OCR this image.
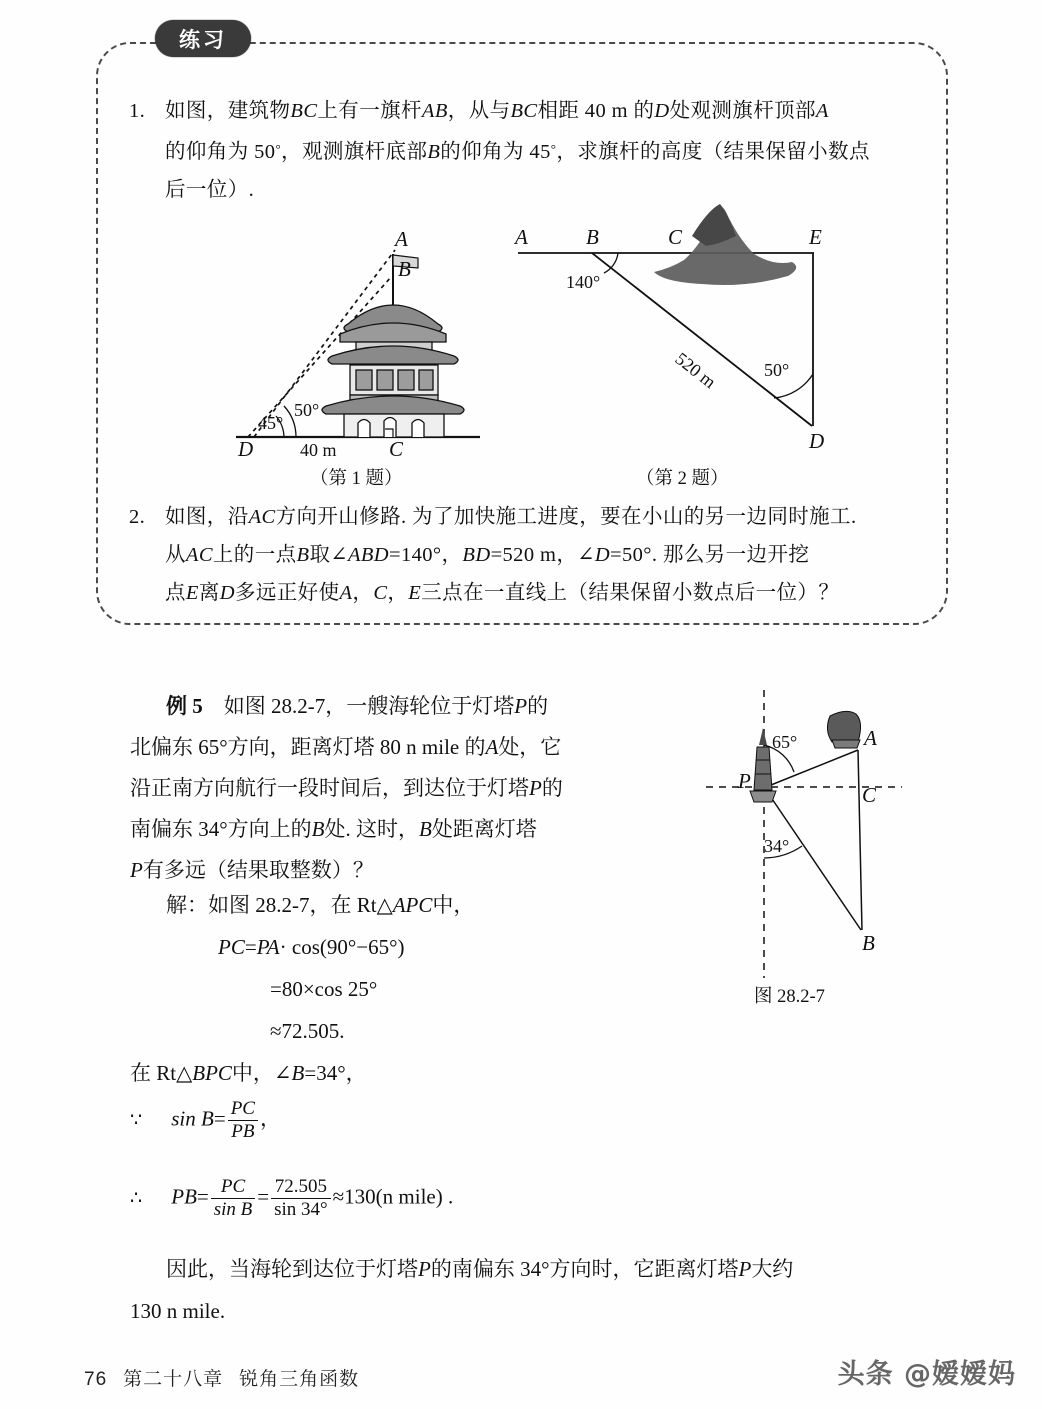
练习
1. 如图，建筑物BC上有一旗杆AB，从与BC相距 40 m 的D处观测旗杆顶部A
的仰角为 50°，观测旗杆底部B的仰角为 45°，求旗杆的高度（结果保留小数点
后一位）.
A
B
C
D
45°
50°
40 m
（第 1 题）
A	B	C	E
D
140°
50°
520 m
（第 2 题）
2. 如图，沿AC方向开山修路. 为了加快施工进度，要在小山的另一边同时施工.
从AC上的一点B取∠ABD=140°，BD=520 m，∠D=50°. 那么另一边开挖
点E离D多远正好使A，C，E三点在一直线上（结果保留小数点后一位）？
例 5 如图 28.2-7，一艘海轮位于灯塔P的
北偏东 65°方向，距离灯塔 80 n mile 的A处，它
沿正南方向航行一段时间后，到达位于灯塔P的
南偏东 34°方向上的B处. 这时，B处距离灯塔
P有多远（结果取整数）？
解：如图 28.2-7，在 Rt△APC中，
PC=PA· cos(90°−65°)
=80×cos 25°
≈72.505.
在 Rt△BPC中，∠B=34°，
∵ $\sin B= \frac{PC}{PB}$ ，
∴ $PB= \frac{PC}{\text{sin B}} = \frac{72.505}{\sin 34^\circ} \approx 130(n$ mile) .
因此，当海轮到达位于灯塔P的南偏东 34°方向时，它距离灯塔P大约
130 n mile.
P
A
C
B
65°
34°
图 28.2-7
76 第二十八章 锐角三角函数	头条 @嫒嫒妈
